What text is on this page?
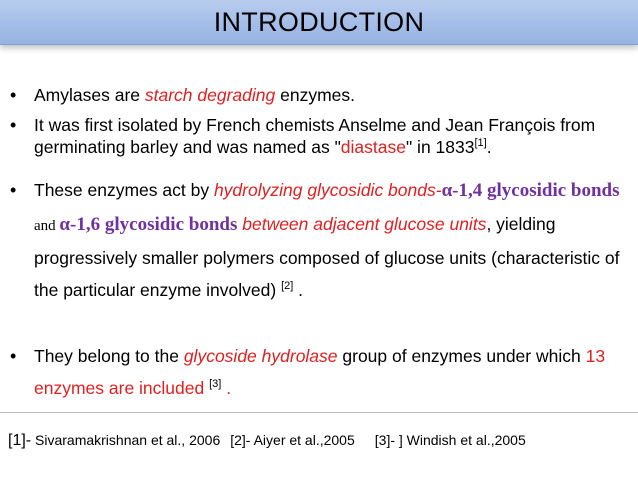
INTRODUCTION
• Amylases are starch degrading enzymes.
• It was first isolated by French chemists Anselme and Jean François from germinating barley and was named as "diastase" in 1833[1].
• These enzymes act by hydrolyzing glycosidic bonds-α-1,4 glycosidic bonds and α-1,6 glycosidic bonds between adjacent glucose units, yielding progressively smaller polymers composed of glucose units (characteristic of the particular enzyme involved) [2] .
• They belong to the glycoside hydrolase group of enzymes under which 13 enzymes are included [3] .
[1]- Sivaramakrishnan et al., 2006 [2]- Aiyer et al.,2005 [3]- ] Windish et al.,2005
